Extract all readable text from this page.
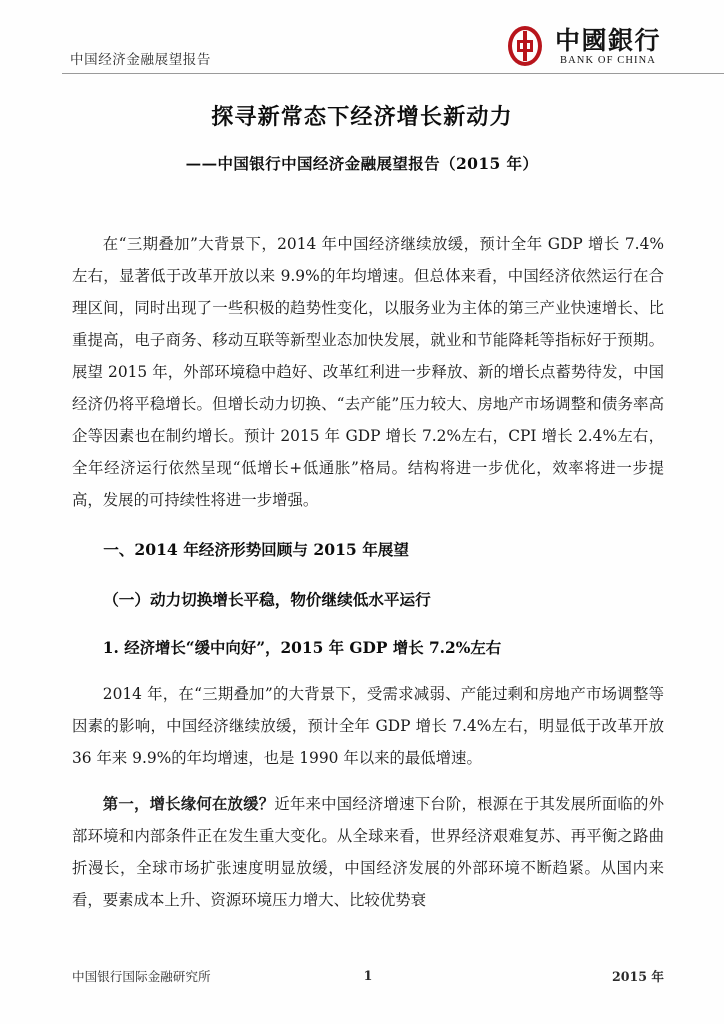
中国经济金融展望报告
中國銀行
BANK OF CHINA
探寻新常态下经济增长新动力
——中国银行中国经济金融展望报告（2015 年）

在“三期叠加”大背景下，2014 年中国经济继续放缓，预计全年 GDP 增长 7.4%左右，显著低于改革开放以来 9.9%的年均增速。但总体来看，中国经济依然运行在合理区间，同时出现了一些积极的趋势性变化，以服务业为主体的第三产业快速增长、比重提高，电子商务、移动互联等新型业态加快发展，就业和节能降耗等指标好于预期。展望 2015 年，外部环境稳中趋好、改革红利进一步释放、新的增长点蓄势待发，中国经济仍将平稳增长。但增长动力切换、“去产能”压力较大、房地产市场调整和债务率高企等因素也在制约增长。预计 2015 年 GDP 增长 7.2%左右，CPI 增长 2.4%左右，全年经济运行依然呈现“低增长+低通胀”格局。结构将进一步优化，效率将进一步提高，发展的可持续性将进一步增强。

一、2014 年经济形势回顾与 2015 年展望
（一）动力切换增长平稳，物价继续低水平运行
1. 经济增长“缓中向好”，2015 年 GDP 增长 7.2%左右

2014 年，在“三期叠加”的大背景下，受需求减弱、产能过剩和房地产市场调整等因素的影响，中国经济继续放缓，预计全年 GDP 增长 7.4%左右，明显低于改革开放 36 年来 9.9%的年均增速，也是 1990 年以来的最低增速。

第一，增长缘何在放缓？近年来中国经济增速下台阶，根源在于其发展所面临的外部环境和内部条件正在发生重大变化。从全球来看，世界经济艰难复苏、再平衡之路曲折漫长，全球市场扩张速度明显放缓，中国经济发展的外部环境不断趋紧。从国内来看，要素成本上升、资源环境压力增大、比较优势衰

中国银行国际金融研究所	1	2015 年
